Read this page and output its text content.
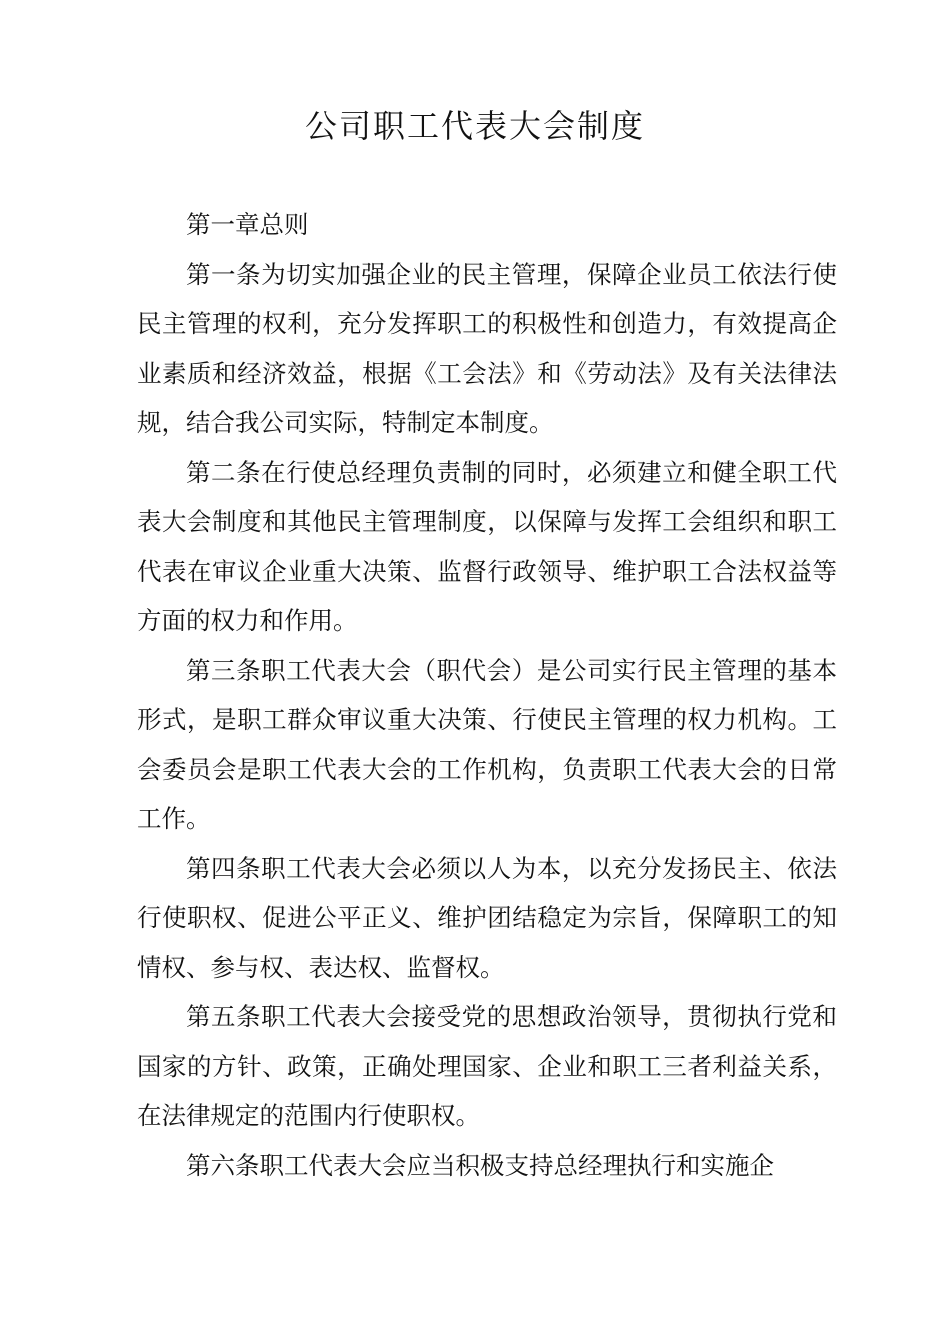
公司职工代表大会制度

第一章总则

第一条为切实加强企业的民主管理，保障企业员工依法行使民主管理的权利，充分发挥职工的积极性和创造力，有效提高企业素质和经济效益，根据《工会法》和《劳动法》及有关法律法规，结合我公司实际，特制定本制度。

第二条在行使总经理负责制的同时，必须建立和健全职工代表大会制度和其他民主管理制度，以保障与发挥工会组织和职工代表在审议企业重大决策、监督行政领导、维护职工合法权益等方面的权力和作用。

第三条职工代表大会（职代会）是公司实行民主管理的基本形式，是职工群众审议重大决策、行使民主管理的权力机构。工会委员会是职工代表大会的工作机构，负责职工代表大会的日常工作。

第四条职工代表大会必须以人为本，以充分发扬民主、依法行使职权、促进公平正义、维护团结稳定为宗旨，保障职工的知情权、参与权、表达权、监督权。

第五条职工代表大会接受党的思想政治领导，贯彻执行党和国家的方针、政策，正确处理国家、企业和职工三者利益关系，在法律规定的范围内行使职权。

第六条职工代表大会应当积极支持总经理执行和实施企
